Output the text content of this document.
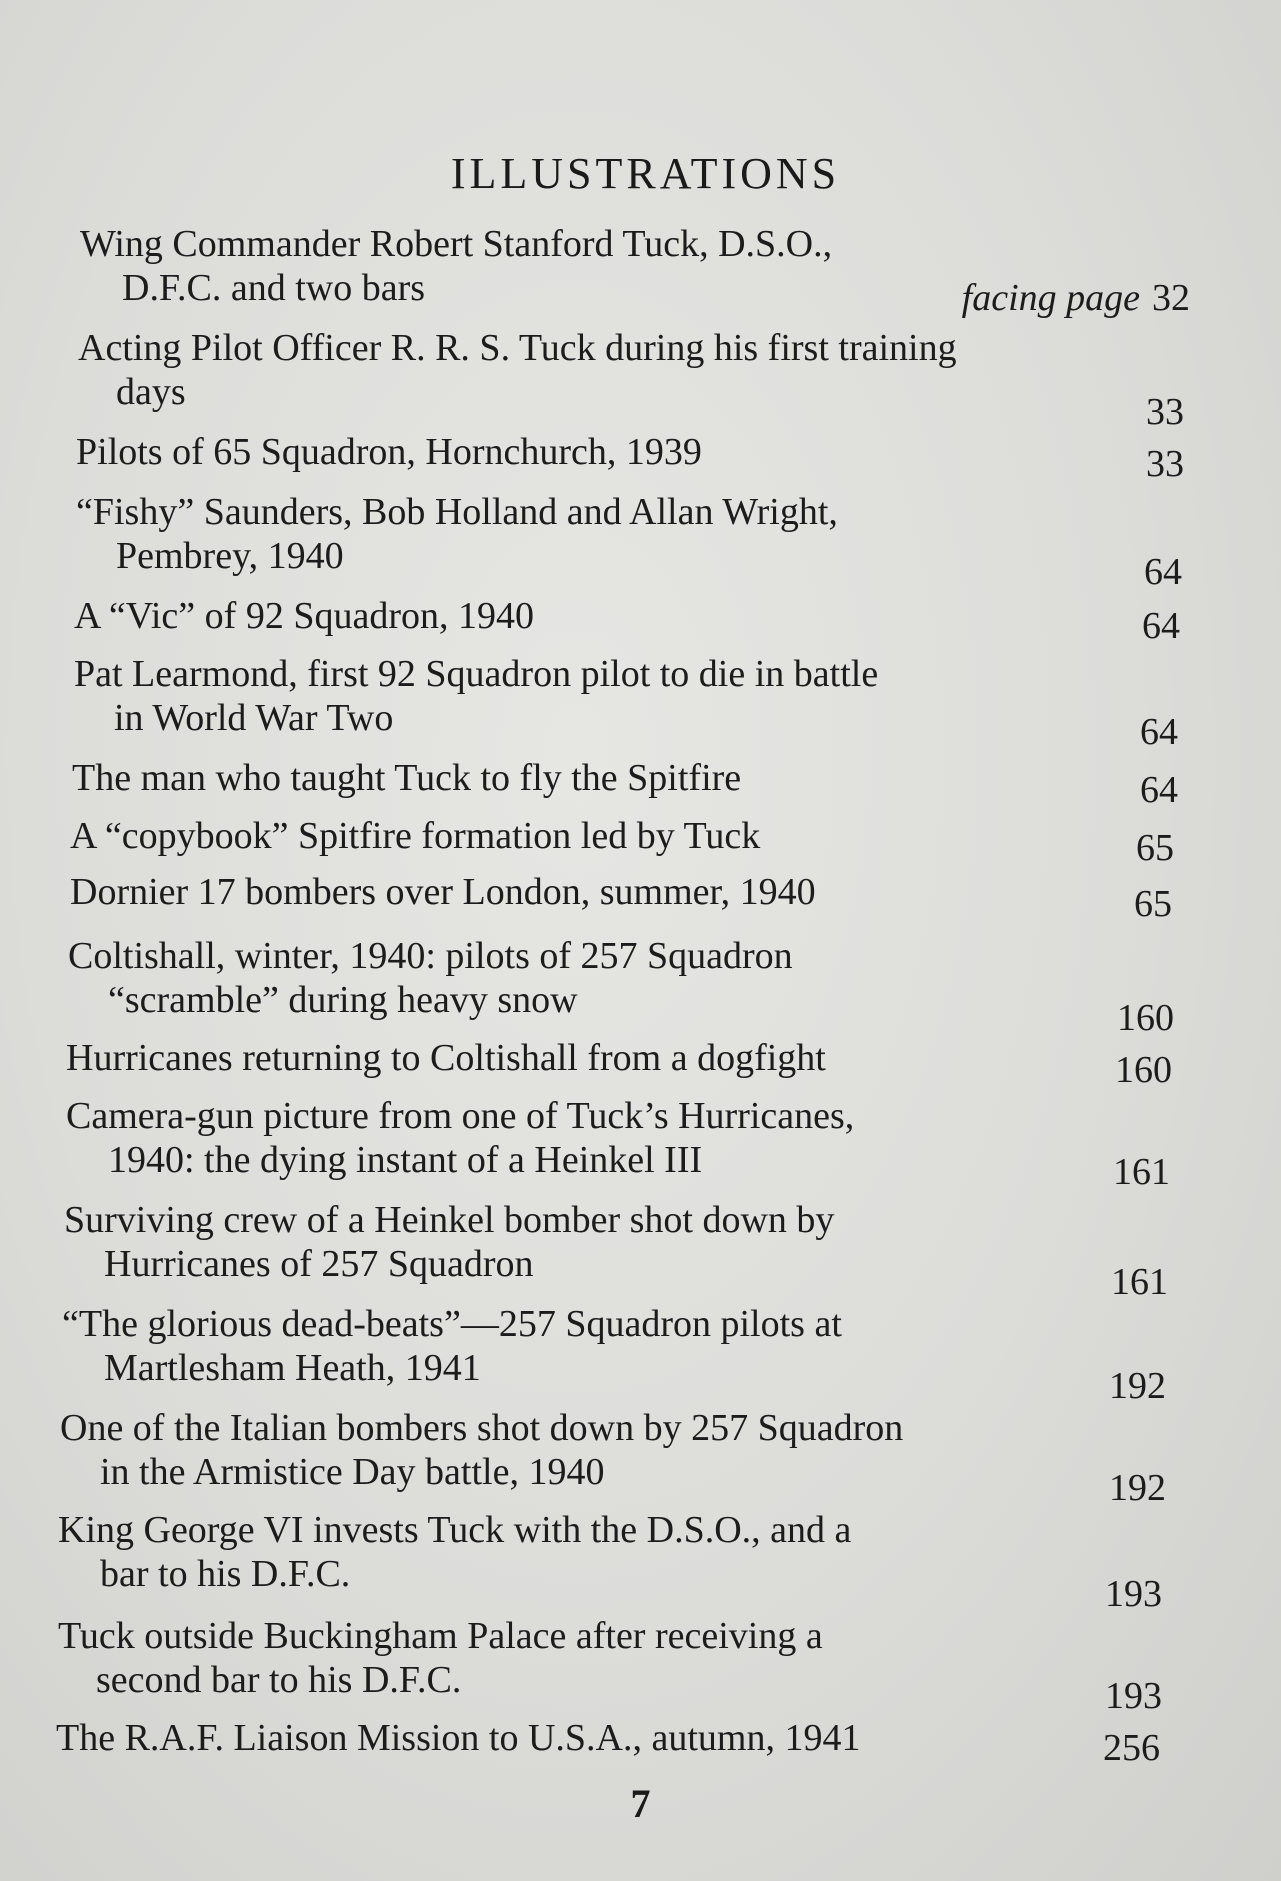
ILLUSTRATIONS
Wing Commander Robert Stanford Tuck, D.S.O.,
D.F.C. and two bars	facing page 32
Acting Pilot Officer R. R. S. Tuck during his first training
days	33
Pilots of 65 Squadron, Hornchurch, 1939	33
“Fishy” Saunders, Bob Holland and Allan Wright,
Pembrey, 1940	64
A “Vic” of 92 Squadron, 1940	64
Pat Learmond, first 92 Squadron pilot to die in battle
in World War Two	64
The man who taught Tuck to fly the Spitfire	64
A “copybook” Spitfire formation led by Tuck	65
Dornier 17 bombers over London, summer, 1940	65
Coltishall, winter, 1940: pilots of 257 Squadron
“scramble” during heavy snow	160
Hurricanes returning to Coltishall from a dogfight	160
Camera-gun picture from one of Tuck’s Hurricanes,
1940: the dying instant of a Heinkel III	161
Surviving crew of a Heinkel bomber shot down by
Hurricanes of 257 Squadron	161
“The glorious dead-beats”—257 Squadron pilots at
Martlesham Heath, 1941	192
One of the Italian bombers shot down by 257 Squadron
in the Armistice Day battle, 1940	192
King George VI invests Tuck with the D.S.O., and a
bar to his D.F.C.	193
Tuck outside Buckingham Palace after receiving a
second bar to his D.F.C.	193
The R.A.F. Liaison Mission to U.S.A., autumn, 1941	256
7
